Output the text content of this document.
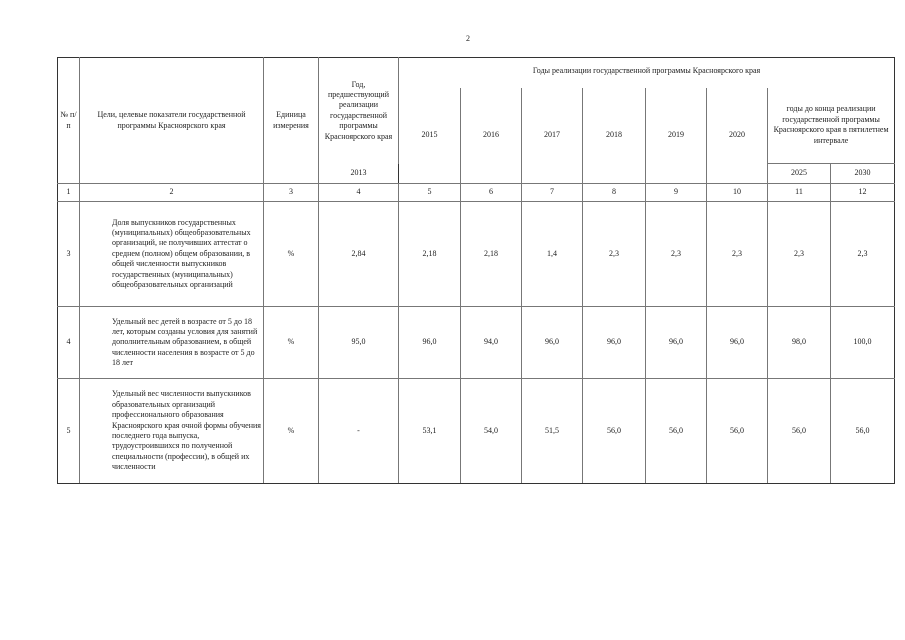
2
№ п/п	Цели, целевые показатели государственной программы Красноярского края	Единица измерения	Год, предшествующий реализации государственной программы Красноярского края	Годы реализации государственной программы Красноярского края							
				2015	2016	2017	2018	2019	2020	годы до конца реализации государственной программы Красноярского края в пятилетнем интервале	
			2013							2025	2030
1	2	3	4	5	6	7	8	9	10	11	12
3	Доля выпускников государственных (муниципальных) общеобразовательных организаций, не получивших аттестат о среднем (полном) общем образовании, в общей численности выпускников государственных (муниципальных) общеобразовательных организаций	%	2,84	2,18	2,18	1,4	2,3	2,3	2,3	2,3	2,3
4	Удельный вес детей в возрасте от 5 до 18 лет, которым созданы условия для занятий дополнительным образованием, в общей численности населения в возрасте от 5 до 18 лет	%	95,0	96,0	94,0	96,0	96,0	96,0	96,0	98,0	100,0
5	Удельный вес численности выпускников образовательных организаций профессионального образования Красноярского края очной формы обучения последнего года выпуска, трудоустроившихся по полученной специальности (профессии), в общей их численности	%	-	53,1	54,0	51,5	56,0	56,0	56,0	56,0	56,0
